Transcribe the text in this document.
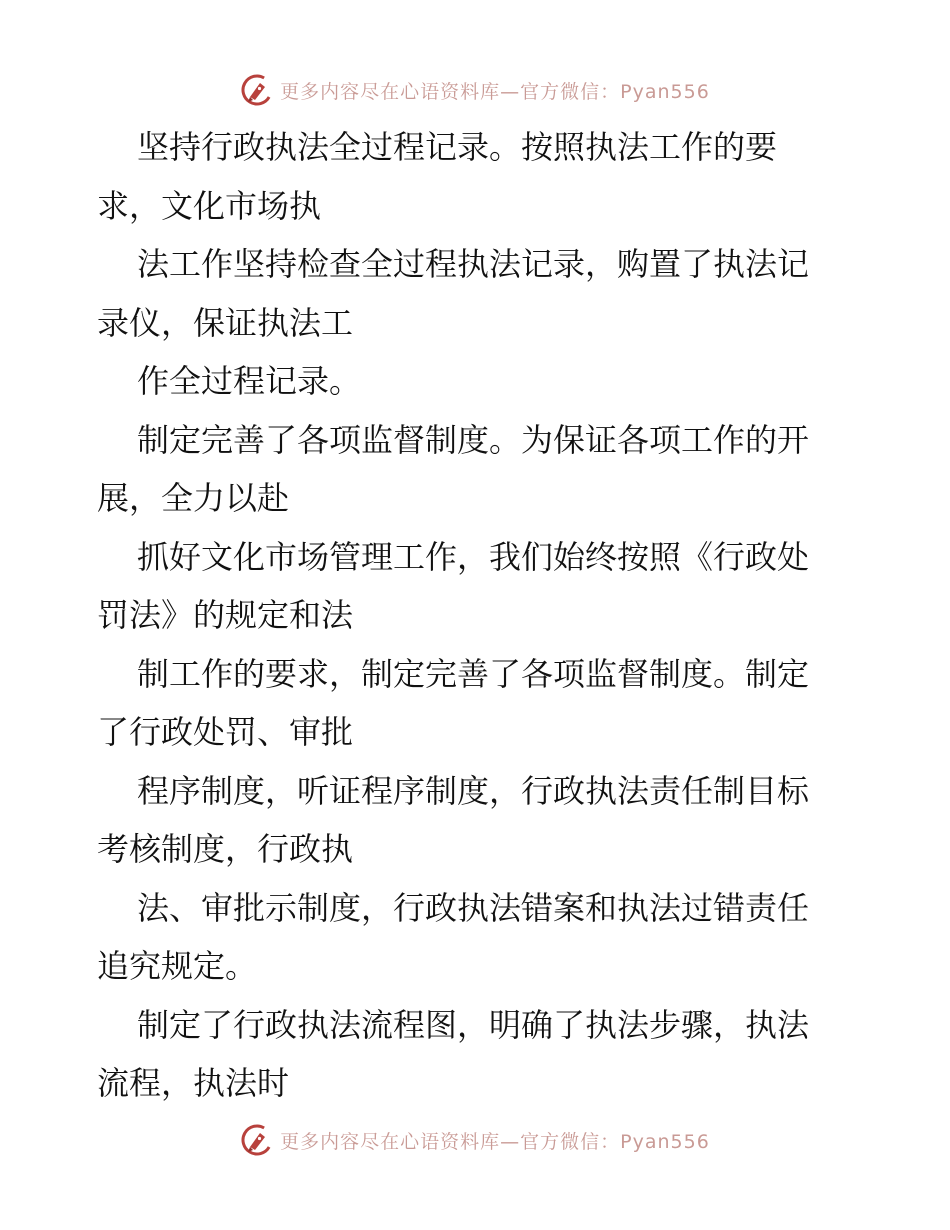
更多内容尽在心语资料库—官方微信：Pyan556

坚持行政执法全过程记录。按照执法工作的要

求，文化市场执

法工作坚持检查全过程执法记录，购置了执法记

录仪，保证执法工

作全过程记录。

制定完善了各项监督制度。为保证各项工作的开

展，全力以赴

抓好文化市场管理工作，我们始终按照《行政处

罚法》的规定和法

制工作的要求，制定完善了各项监督制度。制定

了行政处罚、审批

程序制度，听证程序制度，行政执法责任制目标

考核制度，行政执

法、审批示制度，行政执法错案和执法过错责任

追究规定。

制定了行政执法流程图，明确了执法步骤，执法

流程，执法时

更多内容尽在心语资料库—官方微信：Pyan556
